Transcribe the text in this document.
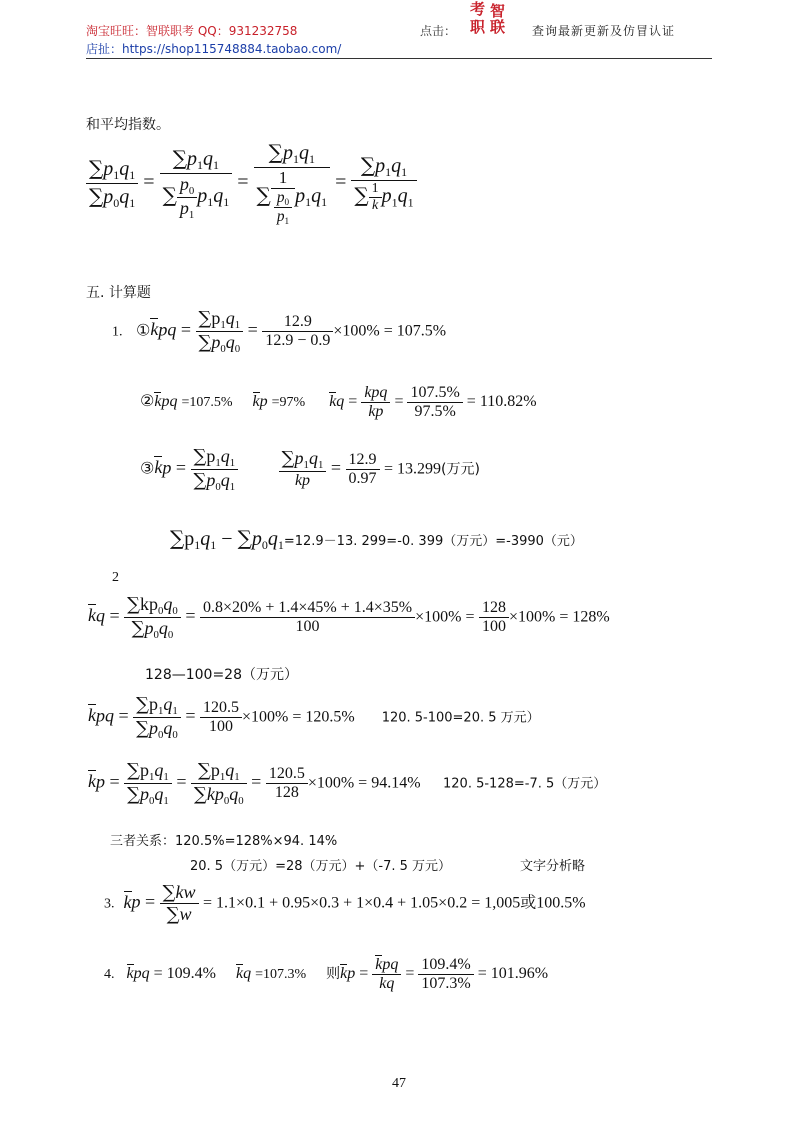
淘宝旺旺：智联职考 QQ：931232758
店扯：https://shop115748884.taobao.com/
点击：
考 智
职 联 查询最新更新及仿冒认证
和平均指数。
$\frac{\sum p_1q_1}{\sum p_0q_1} = \frac{\sum p_1q_1}{\sum \frac{p_0}{p_1} p_1q_1} = \frac{\sum p_1q_1}{\sum \frac{1}{\frac{p_0}{p_1}} p_1q_1} = \frac{\sum p_1q_1}{\sum \frac{1}{k} p_1q_1}$
五. 计算题
1. ①kpq = $\frac{\sum p_1q_1}{\sum p_0q_0} = \frac{12.9}{12.9 - 0.9} \times 100\% = 107.5\%$
②kpq =107.5% kp =97% kq = $\frac{\text{kpq}}{kp} = \frac{107.5\%}{97.5\%} = 110.82\%$
③kp = $\frac{\sum p_1q_1}{\sum p_0q_1}$
$\frac{\sum p_1q_1}{kp} = \frac{12.9}{0.97} = 13.299$(万元)
$\sum p_1q_1 - \sum p_0q_1=12.9-13$. 299=-0. 399（万元）=-3990（元）
2
kq = $\frac{\sum kp_0q_0}{\sum p_0q_0} = \frac{0.8\times 20\% + 1.4\times 45\% + 1.4\times 35\%}{100} \times 100\% = \frac{128}{100} \times 100\% = 128\%$
128—100=28（万元）
kpq = $\frac{\sum p_1q_1}{\sum p_0q_0} = \frac{120.5}{100} \times 100\% = 120.5\%$ 120. 5-100=20. 5 万元）
kp = $\frac{\sum p_1q_1}{\sum p_0q_1} = \frac{\sum p_1q_1}{\sum kp_0q_0} = \frac{120.5}{128} \times 100\% = 94.14\%$ 120. 5-128=-7. 5（万元）
三者关系：120.5%=128%×94. 14%
20. 5（万元）=28（万元）+（-7. 5 万元）	文字分析略
3. kp = $\frac{\sum kw}{\sum w} = 1.1\times 0.1 + 0.95\times 0.3 + 1\times 0.4 + 1.05\times 0.2 = 1,005$或100.5%
4. kpq = 109.4% kq =107.3% 则kp = $\frac{\text{kpq}}{kq} = \frac{109.4\%}{107.3\%} = 101.96\%$
47
